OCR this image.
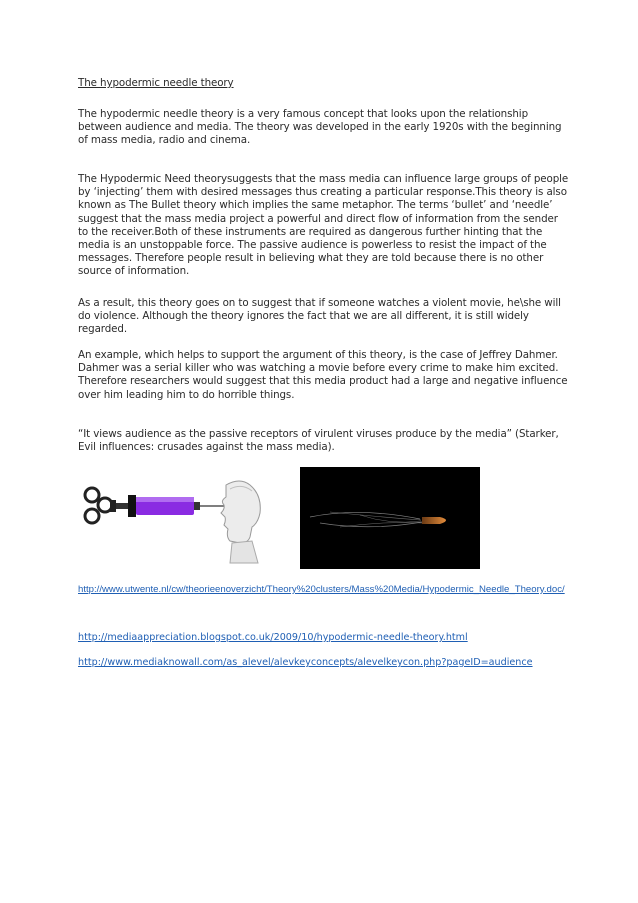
The hypodermic needle theory

The hypodermic needle theory is a very famous concept that looks upon the relationship between audience and media. The theory was developed in the early 1920s with the beginning of mass media, radio and cinema.

The Hypodermic Need theorysuggests that the mass media can influence large groups of people by ‘injecting’ them with desired messages thus creating a particular response.This theory is also known as The Bullet theory which implies the same metaphor. The terms ‘bullet’ and ‘needle’ suggest that the mass media project a powerful and direct flow of information from the sender to the receiver.Both of these instruments are required as dangerous further hinting that the media is an unstoppable force. The passive audience is powerless to resist the impact of the messages. Therefore people result in believing what they are told because there is no other source of information.

As a result, this theory goes on to suggest that if someone watches a violent movie, he\she will do violence. Although the theory ignores the fact that we are all different, it is still widely regarded.

An example, which helps to support the argument of this theory, is the case of Jeffrey Dahmer. Dahmer was a serial killer who was watching a movie before every crime to make him excited. Therefore researchers would suggest that this media product had a large and negative influence over him leading him to do horrible things.

“It views audience as the passive receptors of virulent viruses produce by the media” (Starker, Evil influences: crusades against the mass media).

http://www.utwente.nl/cw/theorieenoverzicht/Theory%20clusters/Mass%20Media/Hypodermic_Needle_Theory.doc/
http://mediaappreciation.blogspot.co.uk/2009/10/hypodermic-needle-theory.html
http://www.mediaknowall.com/as_alevel/alevkeyconcepts/alevelkeycon.php?pageID=audience
